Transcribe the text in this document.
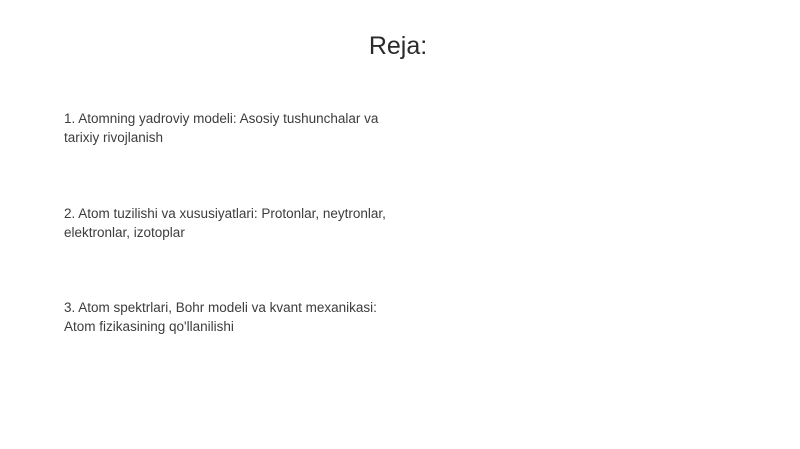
Reja:
1. Atomning yadroviy modeli: Asosiy tushunchalar va
tarixiy rivojlanish
2. Atom tuzilishi va xususiyatlari: Protonlar, neytronlar,
elektronlar, izotoplar
3. Atom spektrlari, Bohr modeli va kvant mexanikasi:
Atom fizikasining qo'llanilishi
